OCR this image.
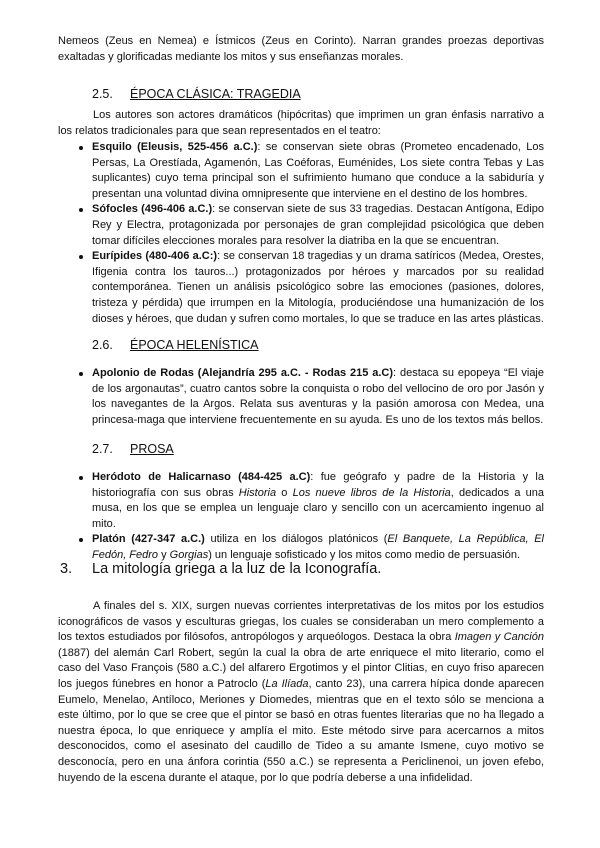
Nemeos (Zeus en Nemea) e Ístmicos (Zeus en Corinto). Narran grandes proezas deportivas exaltadas y glorificadas mediante los mitos y sus enseñanzas morales.

2.5. ÉPOCA CLÁSICA: TRAGEDIA

Los autores son actores dramáticos (hipócritas) que imprimen un gran énfasis narrativo a los relatos tradicionales para que sean representados en el teatro:

Esquilo (Eleusis, 525-456 a.C.): se conservan siete obras (Prometeo encadenado, Los Persas, La Orestíada, Agamenón, Las Coéforas, Euménides, Los siete contra Tebas y Las suplicantes) cuyo tema principal son el sufrimiento humano que conduce a la sabiduría y presentan una voluntad divina omnipresente que interviene en el destino de los hombres.
Sófocles (496-406 a.C.): se conservan siete de sus 33 tragedias. Destacan Antígona, Edipo Rey y Electra, protagonizada por personajes de gran complejidad psicológica que deben tomar difíciles elecciones morales para resolver la diatriba en la que se encuentran.
Eurípides (480-406 a.C:): se conservan 18 tragedias y un drama satíricos (Medea, Orestes, Ifigenia contra los tauros...) protagonizados por héroes y marcados por su realidad contemporánea. Tienen un análisis psicológico sobre las emociones (pasiones, dolores, tristeza y pérdida) que irrumpen en la Mitología, produciéndose una humanización de los dioses y héroes, que dudan y sufren como mortales, lo que se traduce en las artes plásticas.
2.6. ÉPOCA HELENÍSTICA
Apolonio de Rodas (Alejandría 295 a.C. - Rodas 215 a.C): destaca su epopeya “El viaje de los argonautas”, cuatro cantos sobre la conquista o robo del vellocino de oro por Jasón y los navegantes de la Argos. Relata sus aventuras y la pasión amorosa con Medea, una princesa-maga que interviene frecuentemente en su ayuda. Es uno de los textos más bellos.
2.7. PROSA
Heródoto de Halicarnaso (484-425 a.C): fue geógrafo y padre de la Historia y la historiografía con sus obras Historia o Los nueve libros de la Historia, dedicados a una musa, en los que se emplea un lenguaje claro y sencillo con un acercamiento ingenuo al mito.
Platón (427-347 a.C.) utiliza en los diálogos platónicos (El Banquete, La República, El Fedón, Fedro y Gorgias) un lenguaje sofisticado y los mitos como medio de persuasión.
3. La mitología griega a la luz de la Iconografía.

A finales del s. XIX, surgen nuevas corrientes interpretativas de los mitos por los estudios iconográficos de vasos y esculturas griegas, los cuales se consideraban un mero complemento a los textos estudiados por filósofos, antropólogos y arqueólogos. Destaca la obra Imagen y Canción (1887) del alemán Carl Robert, según la cual la obra de arte enriquece el mito literario, como el caso del Vaso François (580 a.C.) del alfarero Ergotimos y el pintor Clitias, en cuyo friso aparecen los juegos fúnebres en honor a Patroclo (La Ilíada, canto 23), una carrera hípica donde aparecen Eumelo, Menelao, Antíloco, Meriones y Diomedes, mientras que en el texto sólo se menciona a este último, por lo que se cree que el pintor se basó en otras fuentes literarias que no ha llegado a nuestra época, lo que enriquece y amplía el mito. Este método sirve para acercarnos a mitos desconocidos, como el asesinato del caudillo de Tideo a su amante Ismene, cuyo motivo se desconocía, pero en una ánfora corintia (550 a.C.) se representa a Periclinenoi, un joven efebo, huyendo de la escena durante el ataque, por lo que podría deberse a una infidelidad.
